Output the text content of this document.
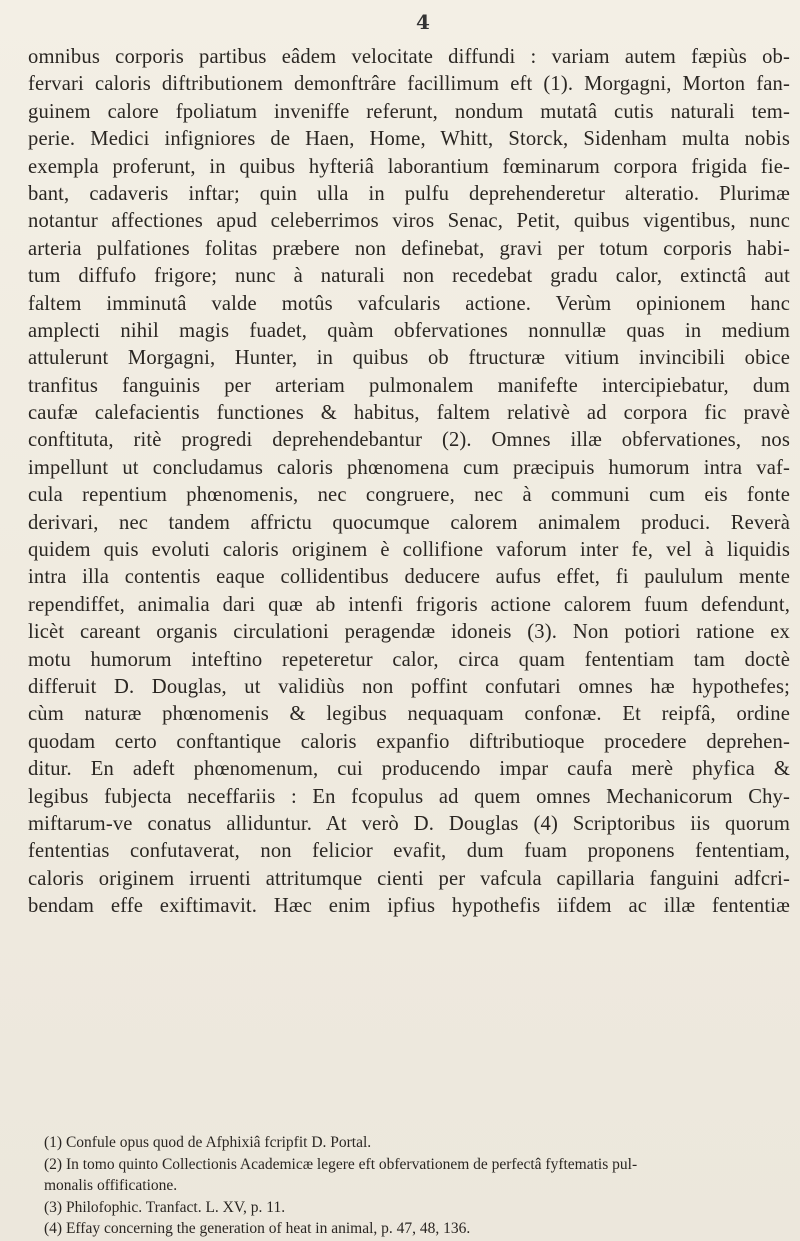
4
omnibus corporis partibus eâdem velocitate diffundi : variam autem fæpiùs ob-
fervari caloris diftributionem demonftrâre facillimum eft (1). Morgagni, Morton fan-
guinem calore fpoliatum inveniffe referunt, nondum mutatâ cutis naturali tem-
perie. Medici infigniores de Haen, Home, Whitt, Storck, Sidenham multa nobis
exempla proferunt, in quibus hyfteriâ laborantium fœminarum corpora frigida fie-
bant, cadaveris inftar; quin ulla in pulfu deprehenderetur alteratio. Plurimæ
notantur affectiones apud celeberrimos viros Senac, Petit, quibus vigentibus, nunc
arteria pulfationes folitas præbere non definebat, gravi per totum corporis habi-
tum diffufo frigore; nunc à naturali non recedebat gradu calor, extinctâ aut
faltem imminutâ valde motûs vafcularis actione. Verùm opinionem hanc
amplecti nihil magis fuadet, quàm obfervationes nonnullæ quas in medium
attulerunt Morgagni, Hunter, in quibus ob ftructuræ vitium invincibili obice
tranfitus fanguinis per arteriam pulmonalem manifefte intercipiebatur, dum
caufæ calefacientis functiones & habitus, faltem relativè ad corpora fic pravè
conftituta, ritè progredi deprehendebantur (2). Omnes illæ obfervationes, nos
impellunt ut concludamus caloris phœnomena cum præcipuis humorum intra vaf-
cula repentium phœnomenis, nec congruere, nec à communi cum eis fonte
derivari, nec tandem affrictu quocumque calorem animalem produci. Reverà
quidem quis evoluti caloris originem è collifione vaforum inter fe, vel à liquidis
intra illa contentis eaque collidentibus deducere aufus effet, fi paululum mente
rependiffet, animalia dari quæ ab intenfi frigoris actione calorem fuum defendunt,
licèt careant organis circulationi peragendæ idoneis (3). Non potiori ratione ex
motu humorum inteftino repeteretur calor, circa quam fententiam tam doctè
differuit D. Douglas, ut validiùs non poffint confutari omnes hæ hypothefes;
cùm naturæ phœnomenis & legibus nequaquam confonæ. Et reipfâ, ordine
quodam certo conftantique caloris expanfio diftributioque procedere deprehen-
ditur. En adeft phœnomenum, cui producendo impar caufa merè phyfica &
legibus fubjecta neceffariis : En fcopulus ad quem omnes Mechanicorum Chy-
miftarum-ve conatus alliduntur. At verò D. Douglas (4) Scriptoribus iis quorum
fententias confutaverat, non felicior evafit, dum fuam proponens fententiam,
caloris originem irruenti attritumque cienti per vafcula capillaria fanguini adfcri-
bendam effe exiftimavit. Hæc enim ipfius hypothefis iifdem ac illæ fententiæ
(1) Confule opus quod de Afphixiâ fcripfit D. Portal.
(2) In tomo quinto Collectionis Academicæ legere eft obfervationem de perfectâ fyftematis pul-
monalis offificatione.
(3) Philofophic. Tranfact. L. XV, p. 11.
(4) Effay concerning the generation of heat in animal, p. 47, 48, 136.
